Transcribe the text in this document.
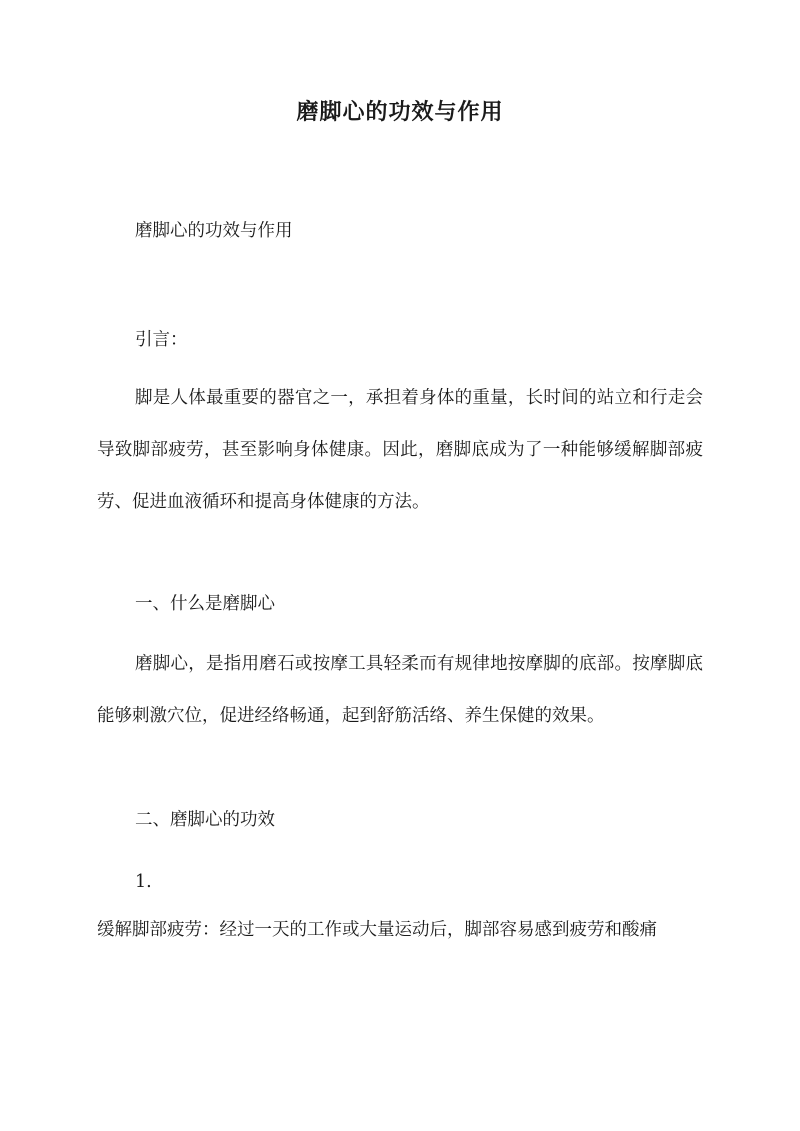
磨脚心的功效与作用

磨脚心的功效与作用

引言：

脚是人体最重要的器官之一，承担着身体的重量，长时间的站立和行走会导致脚部疲劳，甚至影响身体健康。因此，磨脚底成为了一种能够缓解脚部疲劳、促进血液循环和提高身体健康的方法。

一、什么是磨脚心

磨脚心，是指用磨石或按摩工具轻柔而有规律地按摩脚的底部。按摩脚底能够刺激穴位，促进经络畅通，起到舒筋活络、养生保健的效果。

二、磨脚心的功效

1.

缓解脚部疲劳：经过一天的工作或大量运动后，脚部容易感到疲劳和酸痛
